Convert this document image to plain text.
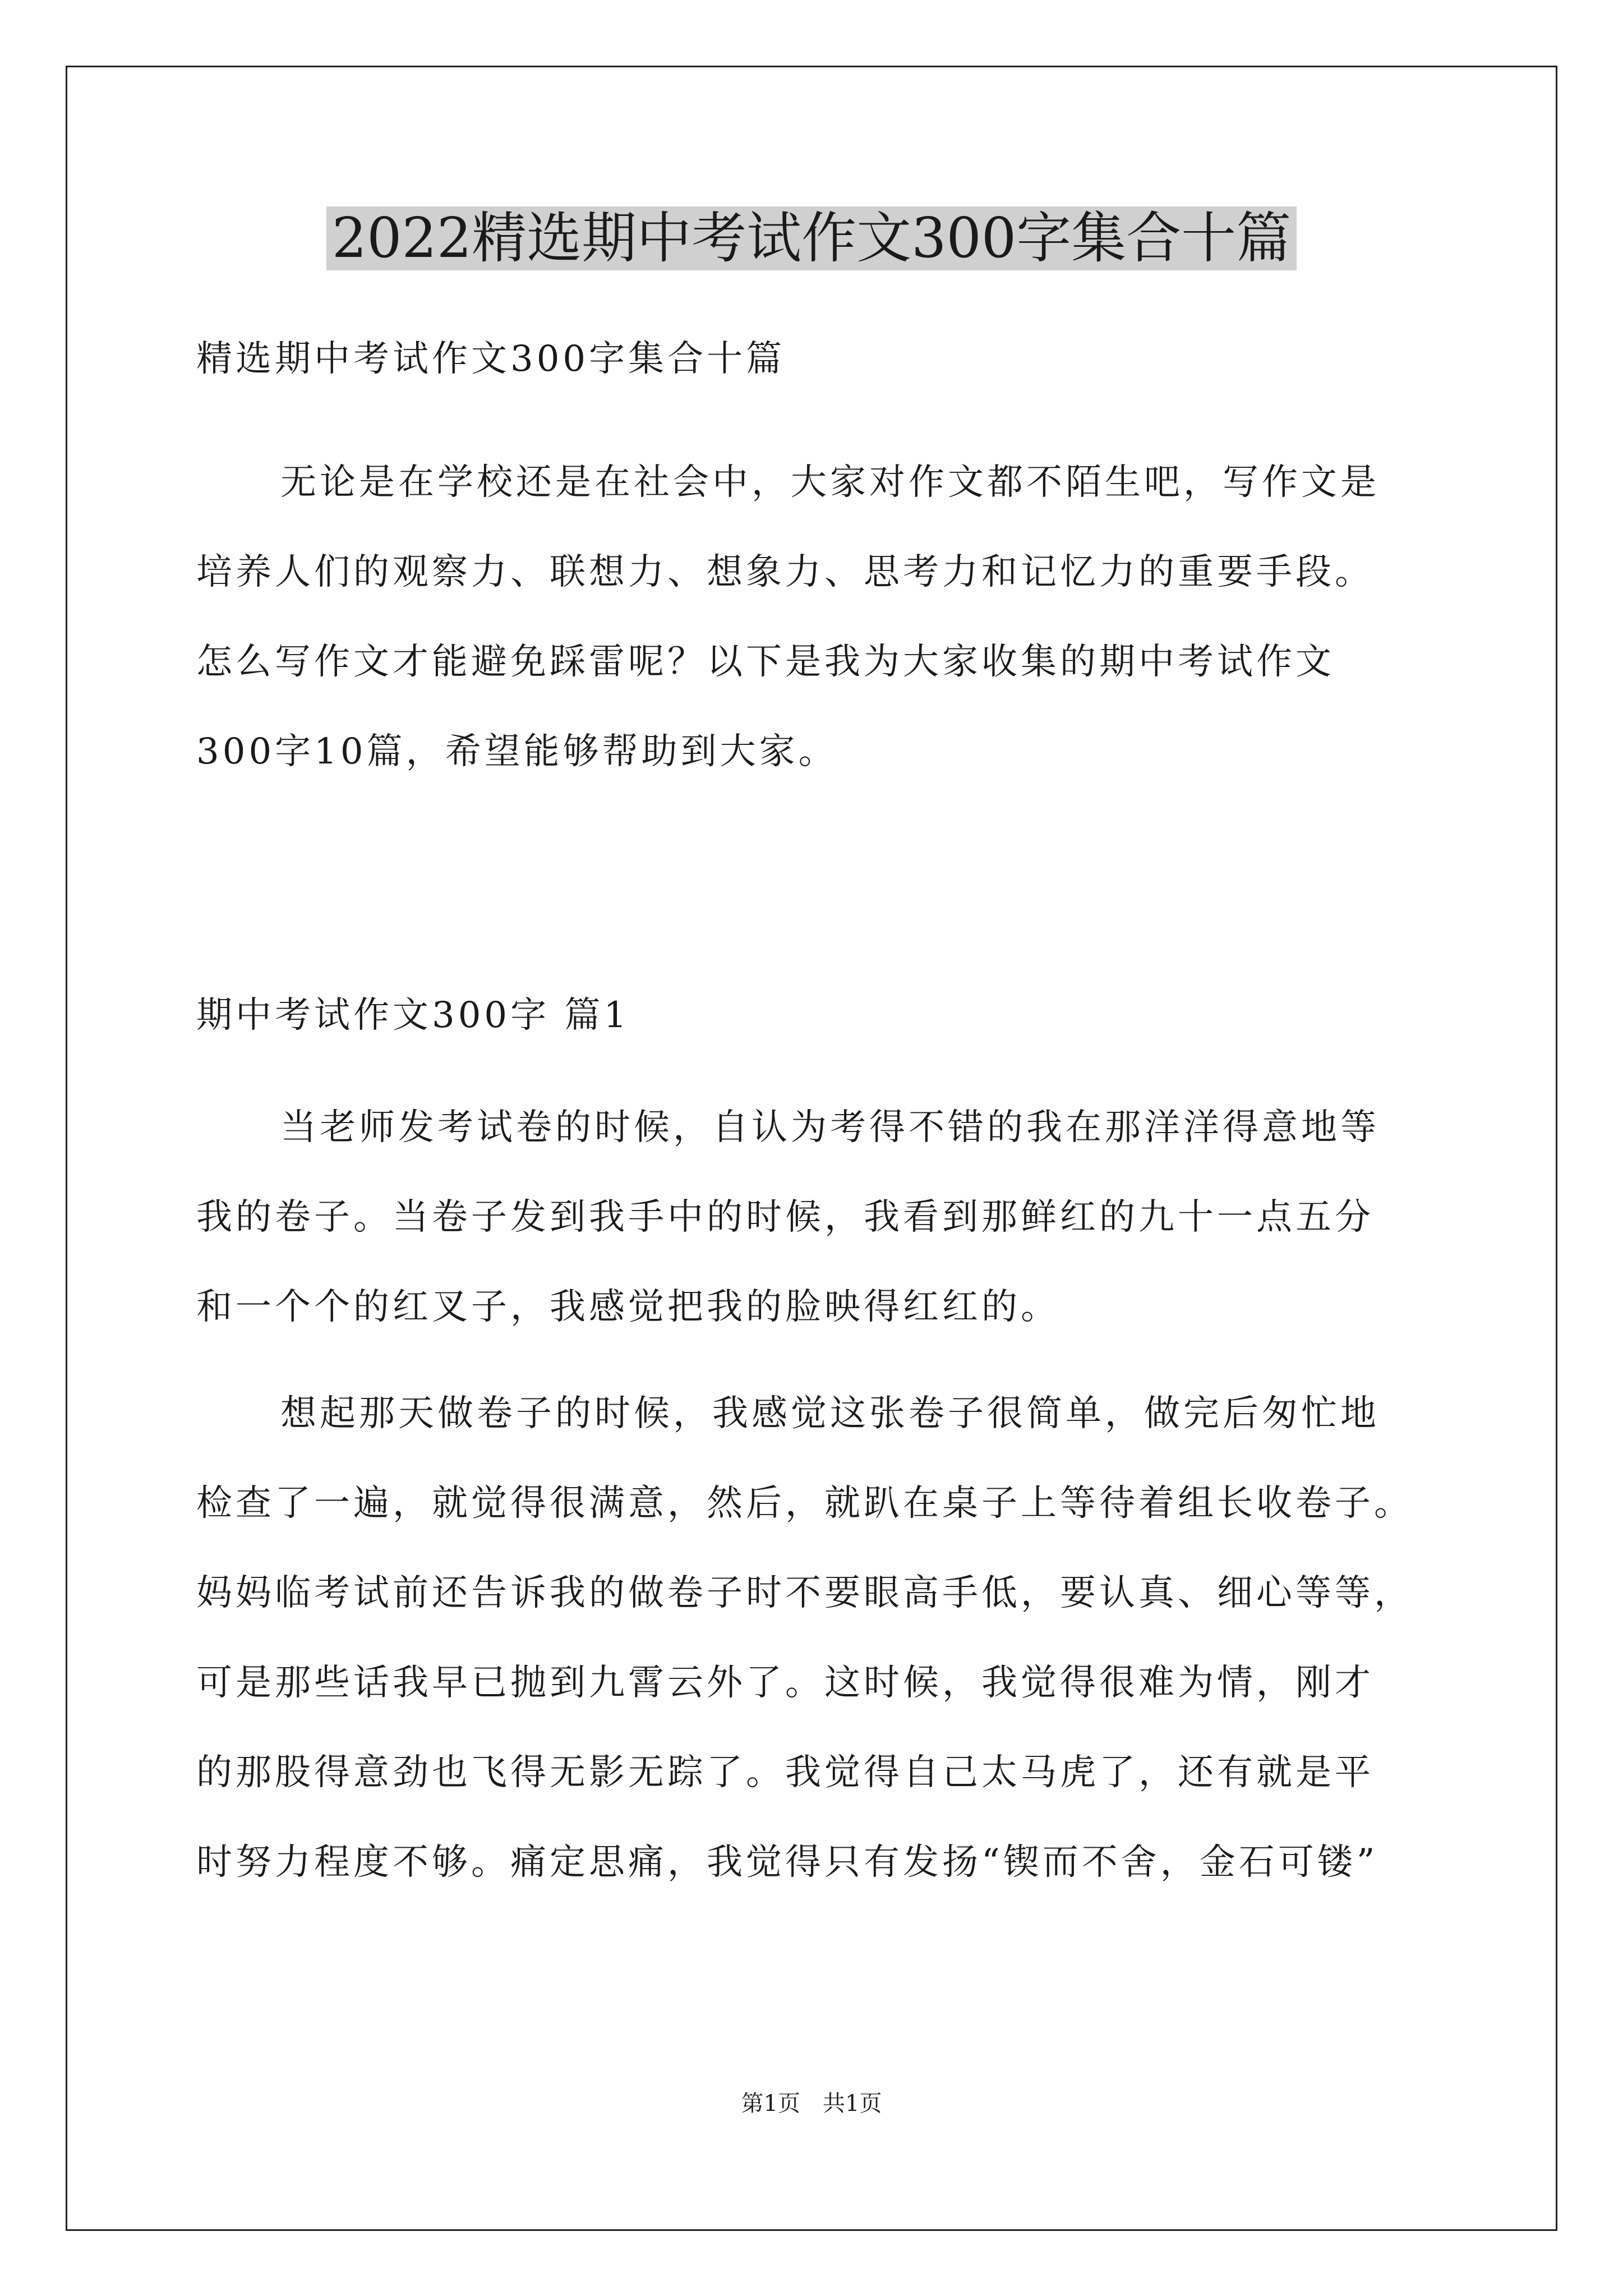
2022精选期中考试作文300字集合十篇

精选期中考试作文300字集合十篇

无论是在学校还是在社会中，大家对作文都不陌生吧，写作文是

培养人们的观察力、联想力、想象力、思考力和记忆力的重要手段。

怎么写作文才能避免踩雷呢？以下是我为大家收集的期中考试作文

300字10篇，希望能够帮助到大家。

期中考试作文300字 篇1

当老师发考试卷的时候，自认为考得不错的我在那洋洋得意地等

我的卷子。当卷子发到我手中的时候，我看到那鲜红的九十一点五分

和一个个的红叉子，我感觉把我的脸映得红红的。

想起那天做卷子的时候，我感觉这张卷子很简单，做完后匆忙地

检查了一遍，就觉得很满意，然后，就趴在桌子上等待着组长收卷子。

妈妈临考试前还告诉我的做卷子时不要眼高手低，要认真、细心等等，

可是那些话我早已抛到九霄云外了。这时候，我觉得很难为情，刚才

的那股得意劲也飞得无影无踪了。我觉得自己太马虎了，还有就是平

时努力程度不够。痛定思痛，我觉得只有发扬“锲而不舍，金石可镂”

第1页　共1页
